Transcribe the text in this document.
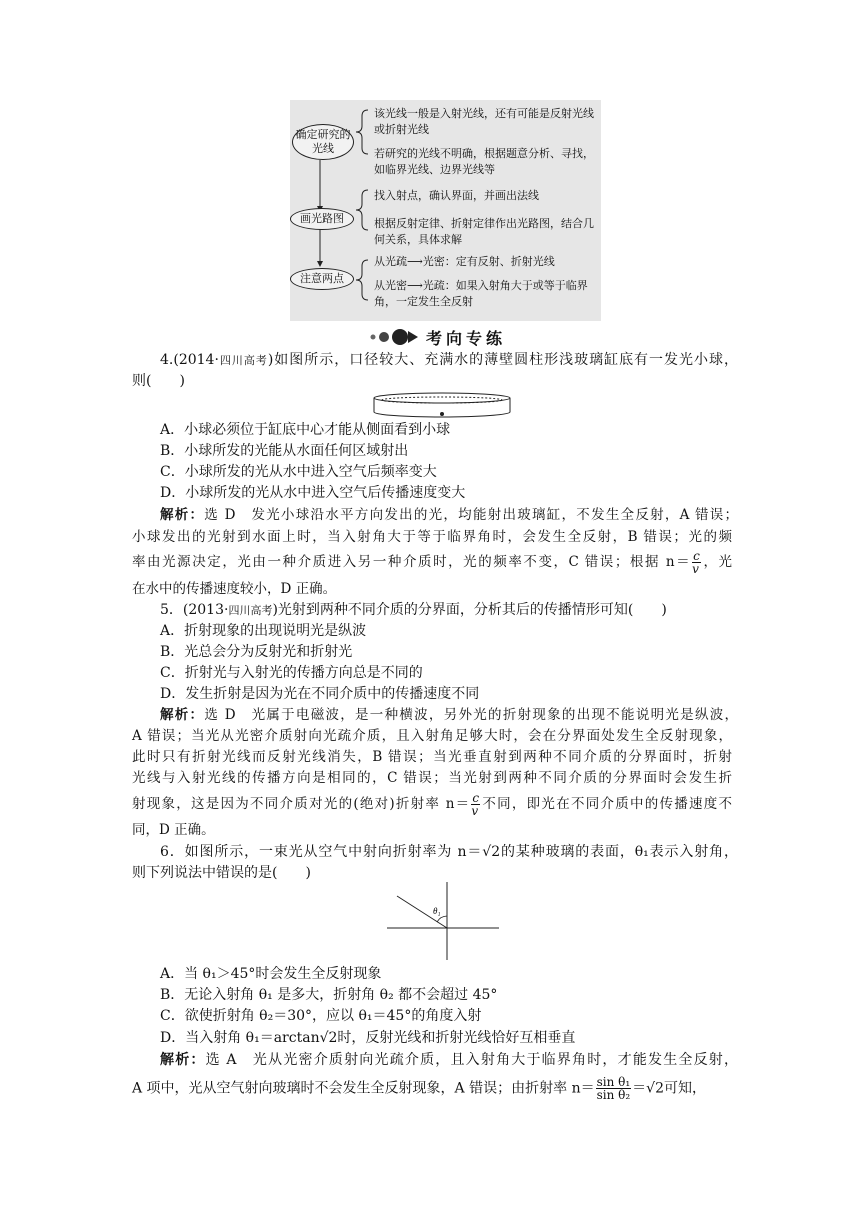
确定研究的光线
画光路图
注意两点
该光线一般是入射光线，还有可能是反射光线或折射光线
若研究的光线不明确，根据题意分析、寻找，如临界光线、边界光线等
找入射点，确认界面，并画出法线
根据反射定律、折射定律作出光路图，结合几何关系，具体求解
从光疏⟶光密：定有反射、折射光线
从光密⟶光疏：如果入射角大于或等于临界角，一定发生全反射
考向专练
4.(2014·四川高考)如图所示，口径较大、充满水的薄壁圆柱形浅玻璃缸底有一发光小球，
则(　　)
A．小球必须位于缸底中心才能从侧面看到小球
B．小球所发的光能从水面任何区域射出
C．小球所发的光从水中进入空气后频率变大
D．小球所发的光从水中进入空气后传播速度变大
解析：选 D　发光小球沿水平方向发出的光，均能射出玻璃缸，不发生全反射，A 错误；
小球发出的光射到水面上时，当入射角大于等于临界角时，会发生全反射，B 错误；光的频
率由光源决定，光由一种介质进入另一种介质时，光的频率不变，C 错误；根据 $n= \frac{c}{v}$ ，光
在水中的传播速度较小，D 正确。
5．(2013·四川高考)光射到两种不同介质的分界面，分析其后的传播情形可知(　　)
A．折射现象的出现说明光是纵波
B．光总会分为反射光和折射光
C．折射光与入射光的传播方向总是不同的
D．发生折射是因为光在不同介质中的传播速度不同
解析：选 D　光属于电磁波，是一种横波，另外光的折射现象的出现不能说明光是纵波，
A 错误；当光从光密介质射向光疏介质，且入射角足够大时，会在分界面处发生全反射现象，
此时只有折射光线而反射光线消失，B 错误；当光垂直射到两种不同介质的分界面时，折射
光线与入射光线的传播方向是相同的，C 错误；当光射到两种不同介质的分界面时会发生折
射现象，这是因为不同介质对光的(绝对)折射率 $n= \frac{c}{v}$ 不同，即光在不同介质中的传播速度不
同，D 正确。
6．如图所示，一束光从空气中射向折射率为 n＝√2的某种玻璃的表面，θ₁表示入射角，
则下列说法中错误的是(　　)
θ₁
A．当 θ₁＞45°时会发生全反射现象
B．无论入射角 θ₁ 是多大，折射角 θ₂ 都不会超过 45°
C．欲使折射角 θ₂＝30°，应以 θ₁＝45°的角度入射
D．当入射角 θ₁＝arctan√2时，反射光线和折射光线恰好互相垂直
解析：选 A　光从光密介质射向光疏介质，且入射角大于临界角时，才能发生全反射，
A 项中，光从空气射向玻璃时不会发生全反射现象，A 错误；由折射率 $n= \frac{\text{sin θ₁}}{\text{sin θ₂}} =√2$可知，
